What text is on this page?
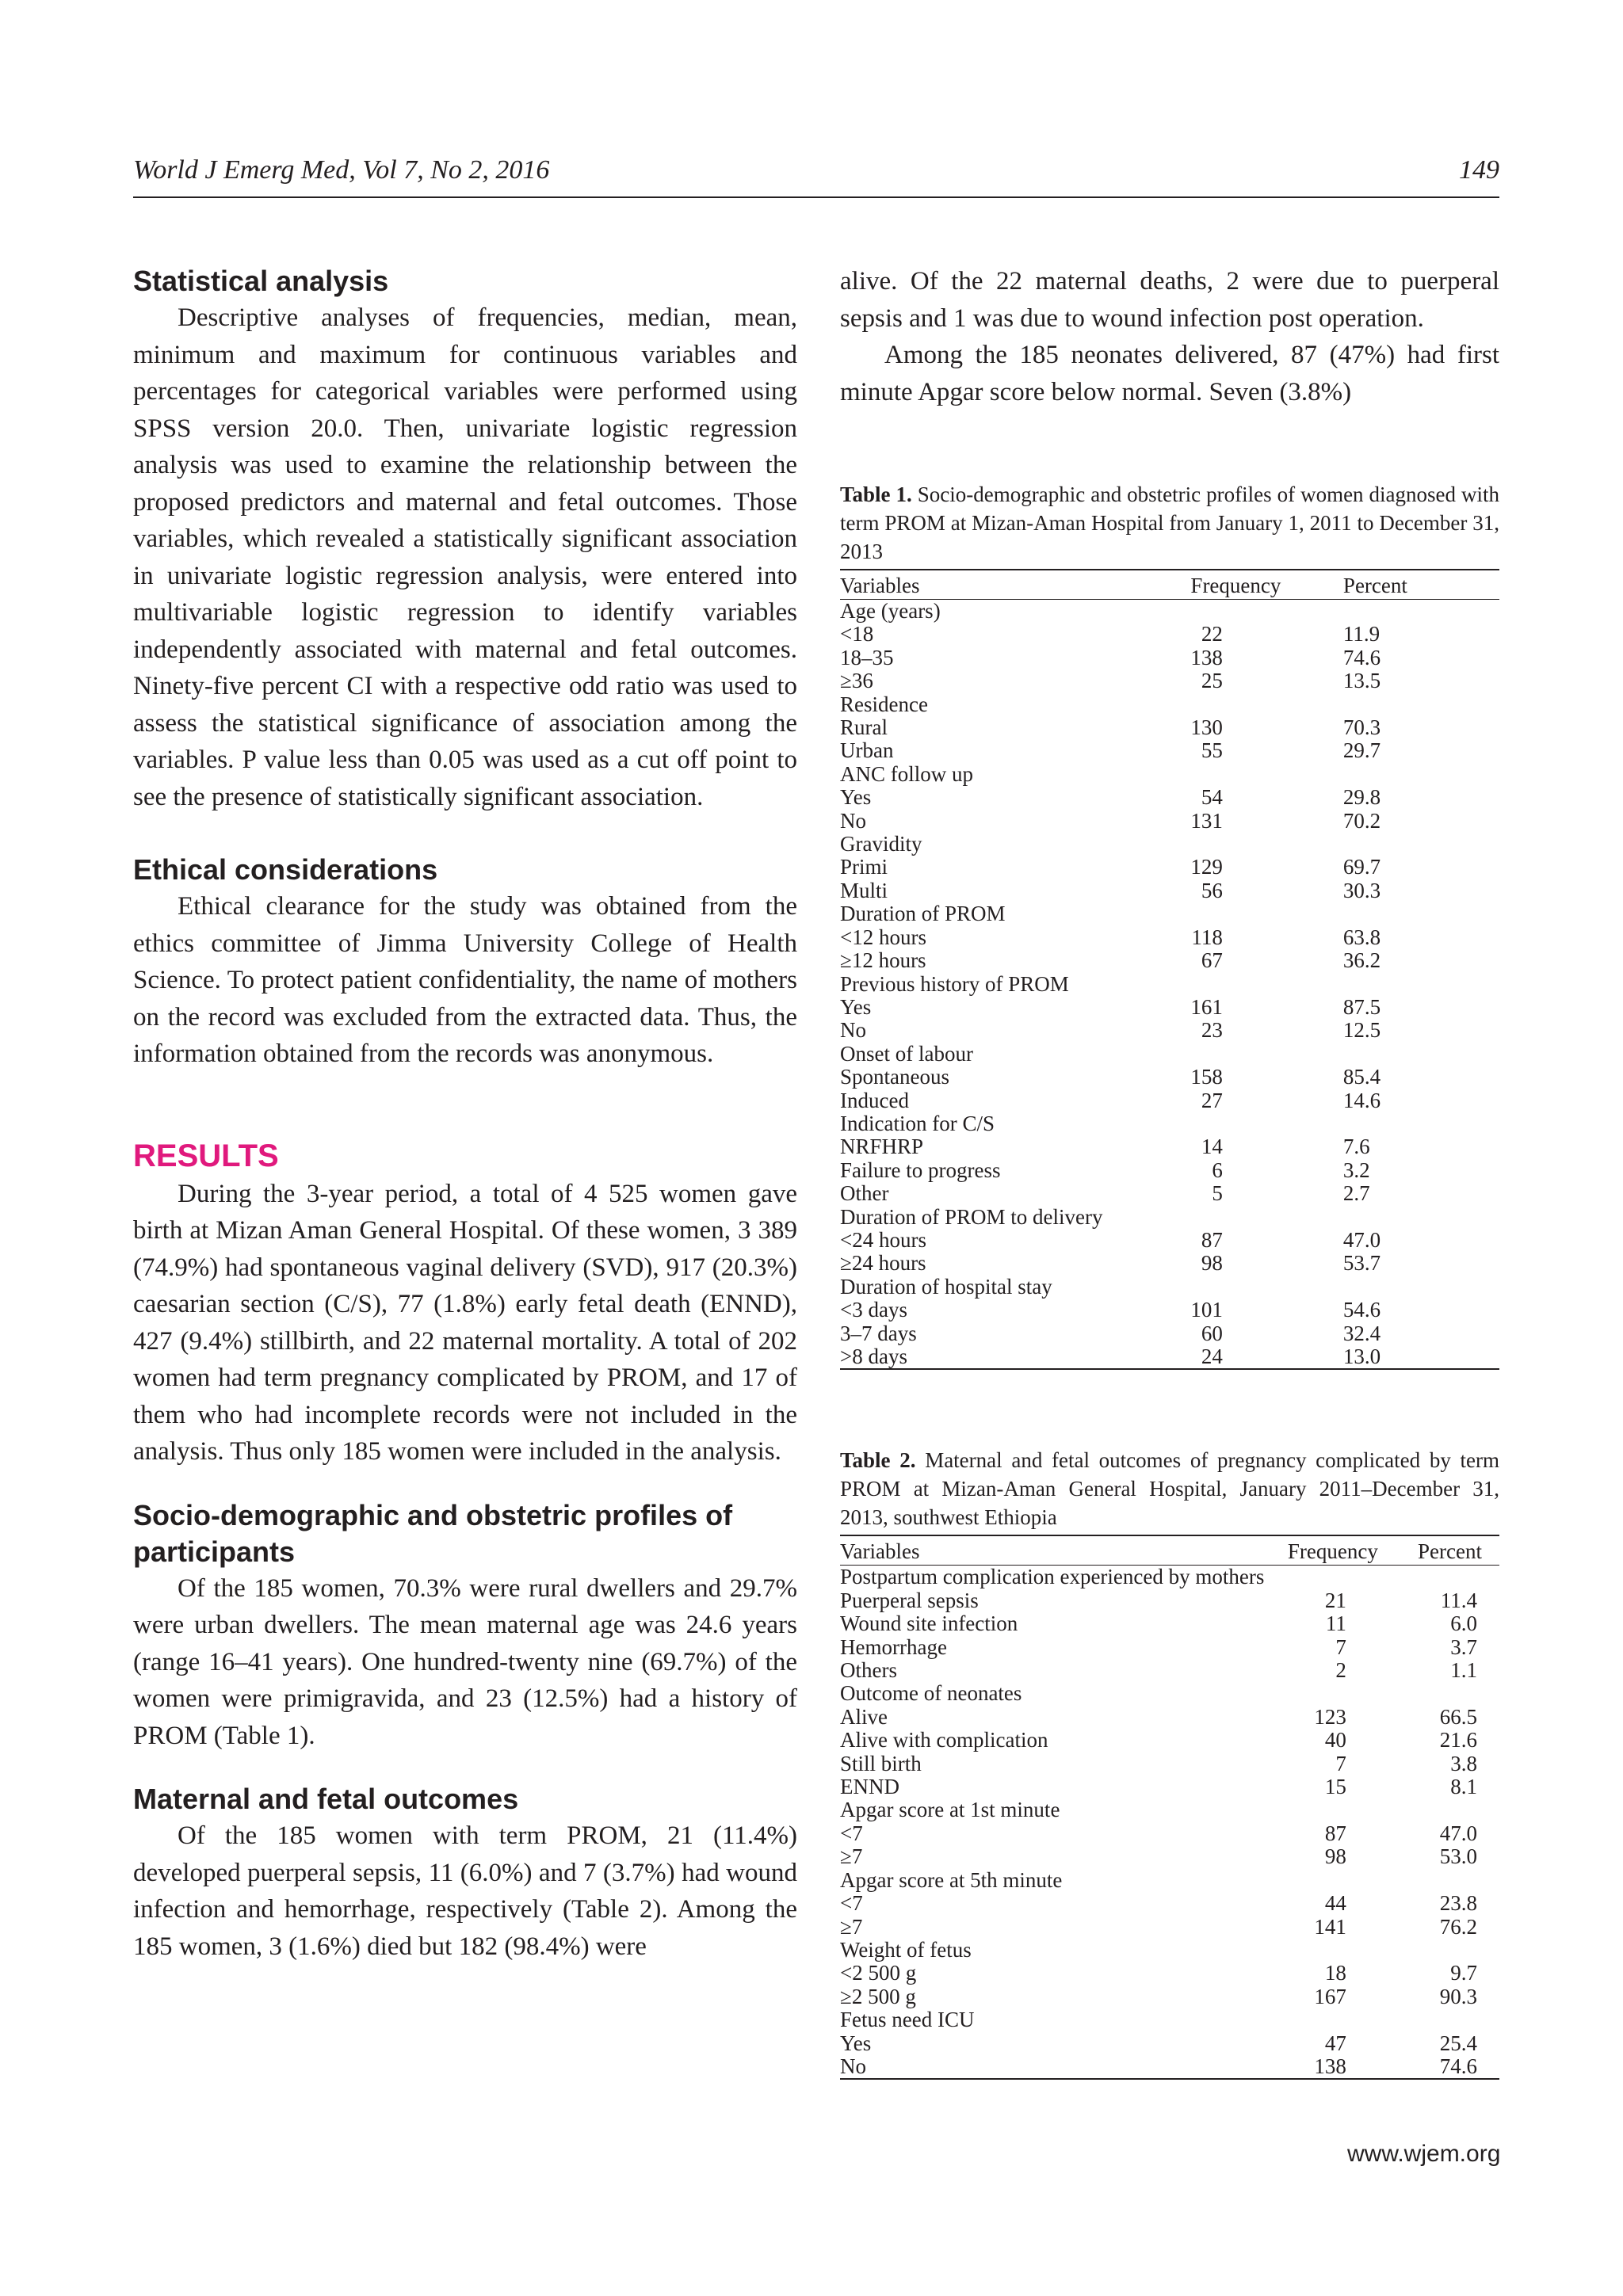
World J Emerg Med, Vol 7, No 2, 2016	149
Statistical analysis

Descriptive analyses of frequencies, median, mean, minimum and maximum for continuous variables and percentages for categorical variables were performed using SPSS version 20.0. Then, univariate logistic regression analysis was used to examine the relationship between the proposed predictors and maternal and fetal outcomes. Those variables, which revealed a statistically significant association in univariate logistic regression analysis, were entered into multivariable logistic regression to identify variables independently associated with maternal and fetal outcomes. Ninety-five percent CI with a respective odd ratio was used to assess the statistical significance of association among the variables. P value less than 0.05 was used as a cut off point to see the presence of statistically significant association.

Ethical considerations

Ethical clearance for the study was obtained from the ethics committee of Jimma University College of Health Science. To protect patient confidentiality, the name of mothers on the record was excluded from the extracted data. Thus, the information obtained from the records was anonymous.

RESULTS

During the 3-year period, a total of 4 525 women gave birth at Mizan Aman General Hospital. Of these women, 3 389 (74.9%) had spontaneous vaginal delivery (SVD), 917 (20.3%) caesarian section (C/S), 77 (1.8%) early fetal death (ENND), 427 (9.4%) stillbirth, and 22 maternal mortality. A total of 202 women had term pregnancy complicated by PROM, and 17 of them who had incomplete records were not included in the analysis. Thus only 185 women were included in the analysis.

Socio-demographic and obstetric profiles of participants

Of the 185 women, 70.3% were rural dwellers and 29.7% were urban dwellers. The mean maternal age was 24.6 years (range 16–41 years). One hundred-twenty nine (69.7%) of the women were primigravida, and 23 (12.5%) had a history of PROM (Table 1).

Maternal and fetal outcomes

Of the 185 women with term PROM, 21 (11.4%) developed puerperal sepsis, 11 (6.0%) and 7 (3.7%) had wound infection and hemorrhage, respectively (Table 2). Among the 185 women, 3 (1.6%) died but 182 (98.4%) were

alive. Of the 22 maternal deaths, 2 were due to puerperal sepsis and 1 was due to wound infection post operation.

Among the 185 neonates delivered, 87 (47%) had first minute Apgar score below normal. Seven (3.8%)

Table 1. Socio-demographic and obstetric profiles of women diagnosed with term PROM at Mizan-Aman Hospital from January 1, 2011 to December 31, 2013

Variables	Frequency	Percent
Age (years)		
<18	22	11.9
18–35	138	74.6
≥36	25	13.5
Residence		
Rural	130	70.3
Urban	55	29.7
ANC follow up		
Yes	54	29.8
No	131	70.2
Gravidity		
Primi	129	69.7
Multi	56	30.3
Duration of PROM		
<12 hours	118	63.8
≥12 hours	67	36.2
Previous history of PROM		
Yes	161	87.5
No	23	12.5
Onset of labour		
Spontaneous	158	85.4
Induced	27	14.6
Indication for C/S		
NRFHRP	14	7.6
Failure to progress	6	3.2
Other	5	2.7
Duration of PROM to delivery		
<24 hours	87	47.0
≥24 hours	98	53.7
Duration of hospital stay		
<3 days	101	54.6
3–7 days	60	32.4
>8 days	24	13.0

Table 2. Maternal and fetal outcomes of pregnancy complicated by term PROM at Mizan-Aman General Hospital, January 2011–December 31, 2013, southwest Ethiopia

Variables	Frequency	Percent
Postpartum complication experienced by mothers		
Puerperal sepsis	21	11.4
Wound site infection	11	6.0
Hemorrhage	7	3.7
Others	2	1.1
Outcome of neonates		
Alive	123	66.5
Alive with complication	40	21.6
Still birth	7	3.8
ENND	15	8.1
Apgar score at 1st minute		
<7	87	47.0
≥7	98	53.0
Apgar score at 5th minute		
<7	44	23.8
≥7	141	76.2
Weight of fetus		
<2 500 g	18	9.7
≥2 500 g	167	90.3
Fetus need ICU		
Yes	47	25.4
No	138	74.6
www.wjem.org
